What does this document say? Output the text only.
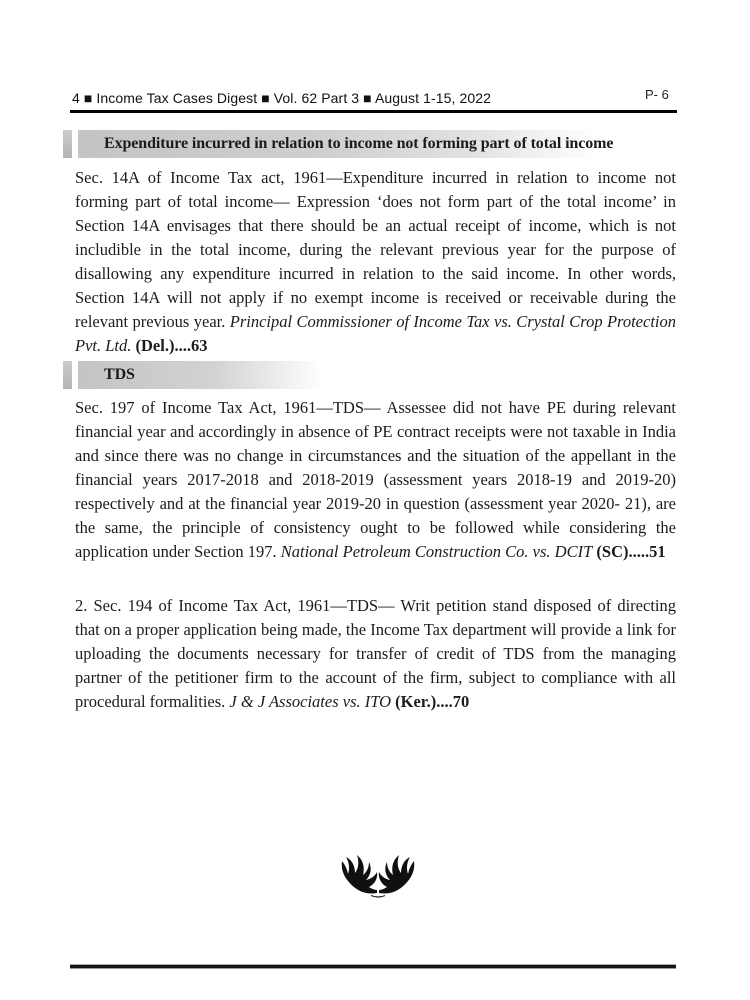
4 ■ Income Tax Cases Digest ■ Vol. 62 Part 3 ■ August 1-15, 2022	P- 6
Expenditure incurred in relation to income not forming part of total income

Sec. 14A of Income Tax act, 1961—Expenditure incurred in relation to income not forming part of total income— Expression ‘does not form part of the total income’ in Section 14A envisages that there should be an actual receipt of income, which is not includible in the total income, during the relevant previous year for the purpose of disallowing any expenditure incurred in relation to the said income. In other words, Section 14A will not apply if no exempt income is received or receivable during the relevant previous year. Principal Commissioner of Income Tax vs. Crystal Crop Protection Pvt. Ltd. (Del.)....63

TDS

Sec. 197 of Income Tax Act, 1961—TDS— Assessee did not have PE during relevant financial year and accordingly in absence of PE contract receipts were not taxable in India and since there was no change in circumstances and the situation of the appellant in the financial years 2017-2018 and 2018-2019 (assessment years 2018-19 and 2019-20) respectively and at the financial year 2019-20 in question (assessment year 2020- 21), are the same, the principle of consistency ought to be followed while considering the application under Section 197. National Petroleum Construction Co. vs. DCIT (SC).....51

2. Sec. 194 of Income Tax Act, 1961—TDS— Writ petition stand disposed of directing that on a proper application being made, the Income Tax department will provide a link for uploading the documents necessary for transfer of credit of TDS from the managing partner of the petitioner firm to the account of the firm, subject to compliance with all procedural formalities. J & J Associates vs. ITO (Ker.)....70
